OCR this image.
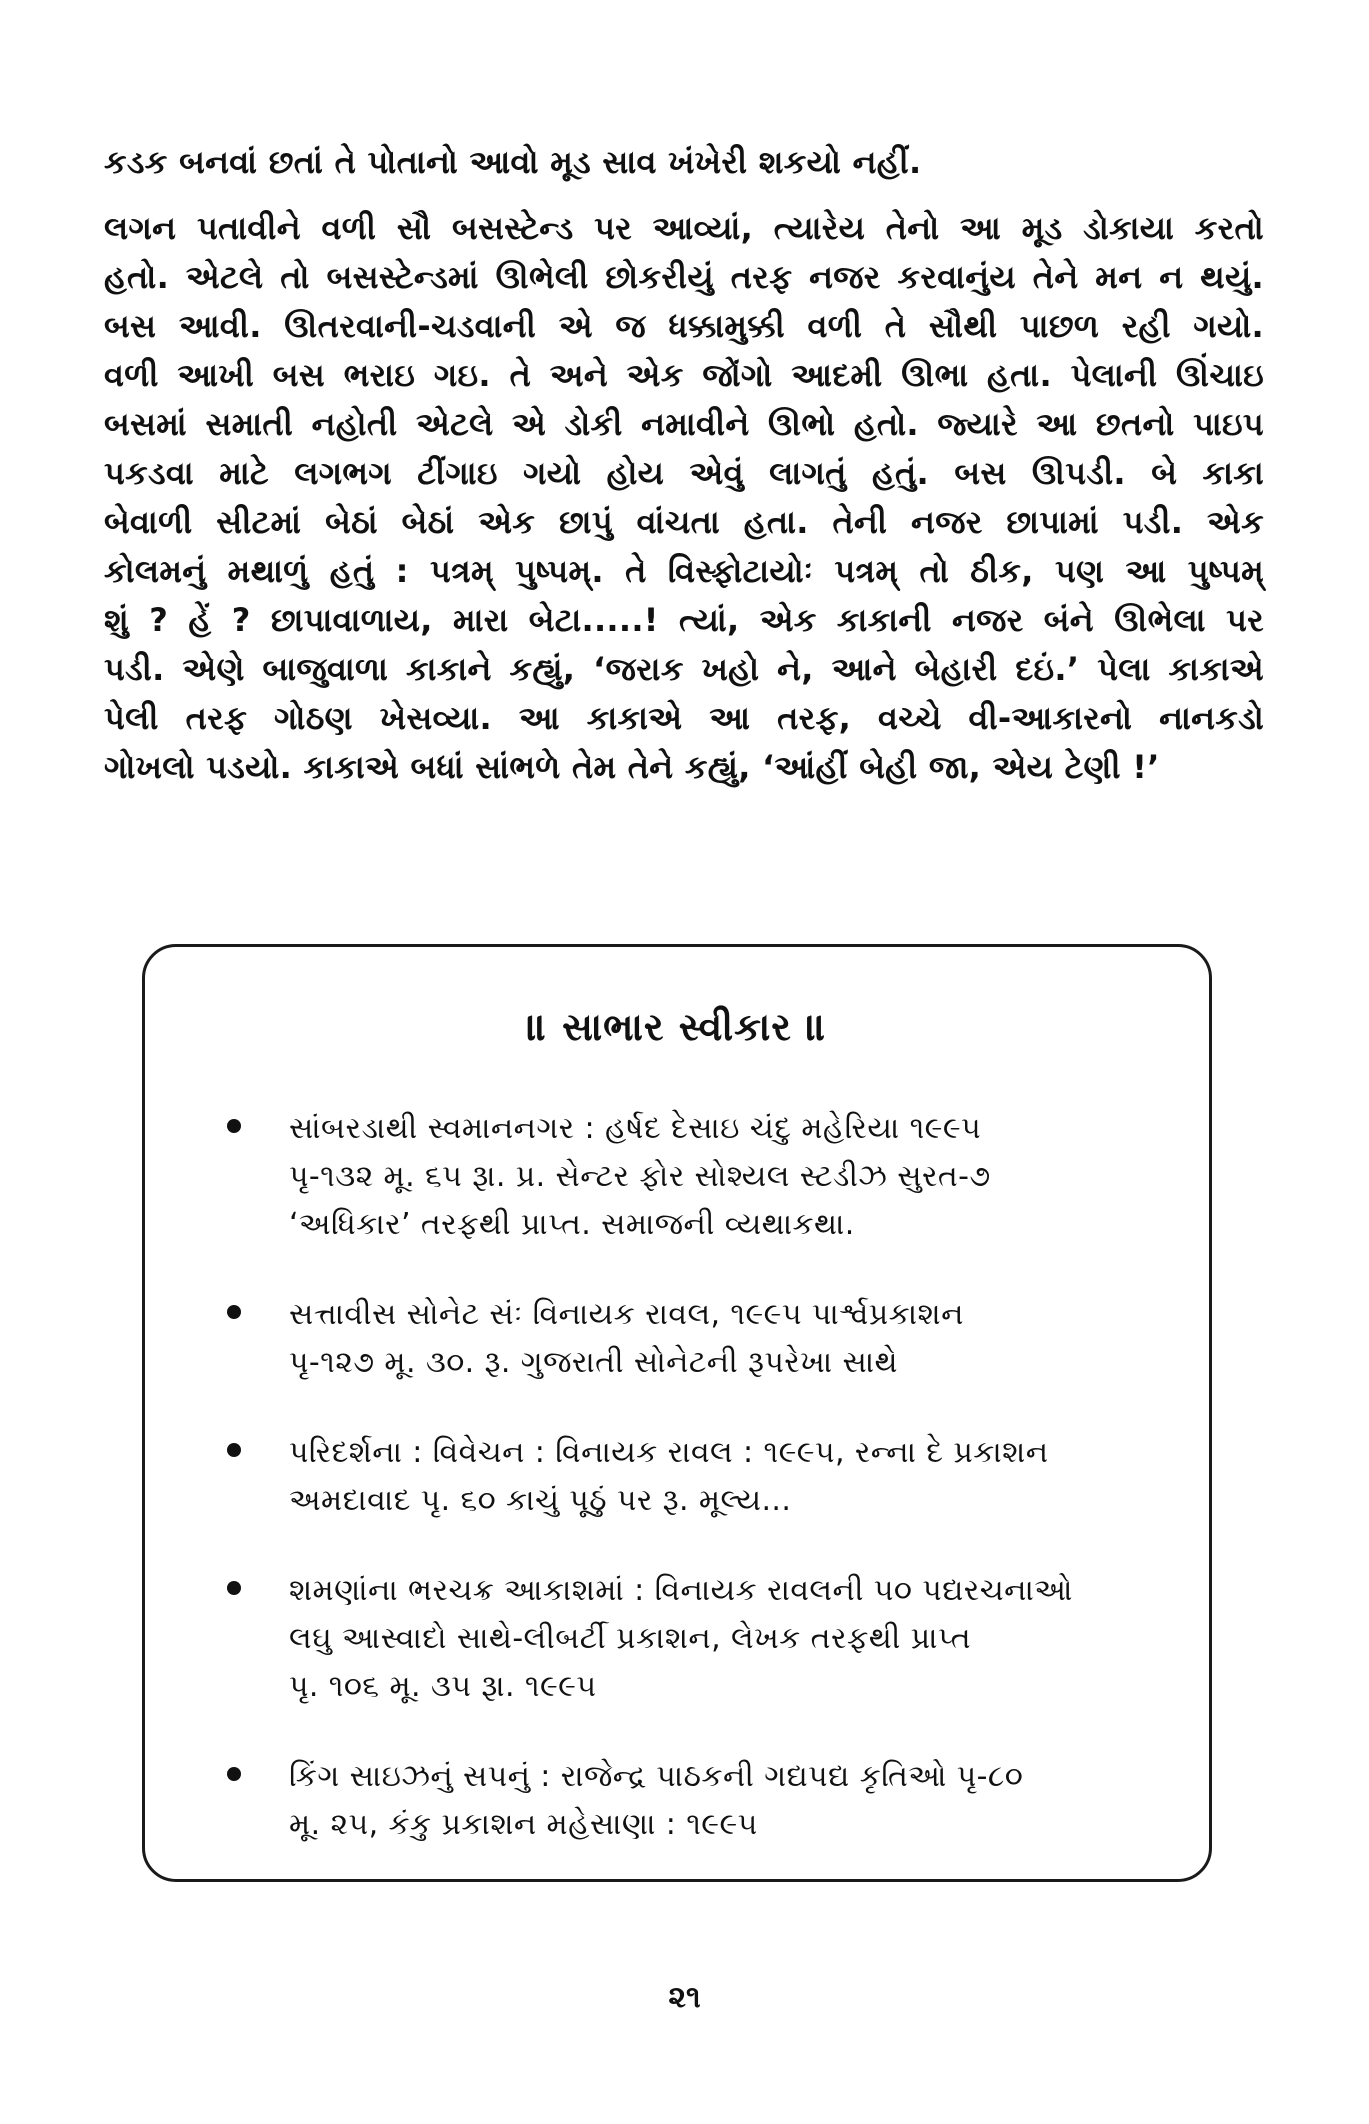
કડક બનવાં છતાં તે પોતાનો આવો મૂડ સાવ ખંખેરી શકયો નહીં.
લગન પતાવીને વળી સૌ બસસ્ટેન્ડ પર આવ્યાં, ત્યારેય તેનો આ મૂડ ડોકાયા કરતો
હતો. એટલે તો બસસ્ટેન્ડમાં ઊભેલી છોકરીયું તરફ નજર કરવાનુંય તેને મન ન થયું.
બસ આવી. ઊતરવાની-ચડવાની એ જ ધક્કામુક્કી વળી તે સૌથી પાછળ રહી ગયો.
વળી આખી બસ ભરાઇ ગઇ. તે અને એક જોંગો આદમી ઊભા હતા. પેલાની ઊંચાઇ
બસમાં સમાતી નહોતી એટલે એ ડોકી નમાવીને ઊભો હતો. જ્યારે આ છતનો પાઇપ
પકડવા માટે લગભગ ટીંગાઇ ગયો હોય એવું લાગતું હતું. બસ ઊપડી. બે કાકા
બેવાળી સીટમાં બેઠાં બેઠાં એક છાપું વાંચતા હતા. તેની નજર છાપામાં પડી. એક
કોલમનું મથાળું હતું : પત્રમ્ પુષ્પમ્. તે વિસ્ફોટાયોઃ પત્રમ્ તો ઠીક, પણ આ પુષ્પમ્
શું ? હેં ? છાપાવાળાય, મારા બેટા.....! ત્યાં, એક કાકાની નજર બંને ઊભેલા પર
પડી. એણે બાજુવાળા કાકાને કહ્યું, ‘જરાક ખહો ને, આને બેહારી દઇં.’ પેલા કાકાએ
પેલી તરફ ગોઠણ ખેસવ્યા. આ કાકાએ આ તરફ, વચ્ચે વી-આકારનો નાનકડો
ગોખલો પડયો. કાકાએ બધાં સાંભળે તેમ તેને કહ્યું, ‘આંહીં બેહી જા, એય ટેણી !’
॥ સાભાર સ્વીકાર ॥
સાંબરડાથી સ્વમાનનગર : હર્ષદ દેસાઇ ચંદુ મહેરિયા ૧૯૯૫
પૃ-૧૩૨ મૂ. ૬૫ રૂા. પ્ર. સેન્ટર ફોર સોશ્યલ સ્ટડીઝ સુરત-૭
‘અધિકાર’ તરફથી પ્રાપ્ત. સમાજની વ્યથાકથા.
સત્તાવીસ સોનેટ સંઃ વિનાયક રાવલ, ૧૯૯૫ પાર્શ્વપ્રકાશન
પૃ-૧૨૭ મૂ. ૩૦. રૂ. ગુજરાતી સોનેટની રૂપરેખા સાથે
પરિદર્શના : વિવેચન : વિનાયક રાવલ : ૧૯૯૫, રન્ના દે પ્રકાશન
અમદાવાદ પૃ. ૬૦ કાચું પૂઠું પર રૂ. મૂલ્ય...
શમણાંના ભરચક્ર આકાશમાં : વિનાયક રાવલની ૫૦ પદ્યરચનાઓ
લઘુ આસ્વાદો સાથે-લીબર્ટી પ્રકાશન, લેખક તરફથી પ્રાપ્ત
પૃ. ૧૦૬ મૂ. ૩૫ રૂા. ૧૯૯૫
કિંગ સાઇઝનું સપનું : રાજેન્દ્ર પાઠકની ગદ્યપદ્ય કૃતિઓ પૃ-૮૦
મૂ. ૨૫, કંકુ પ્રકાશન મહેસાણા : ૧૯૯૫
૨૧
